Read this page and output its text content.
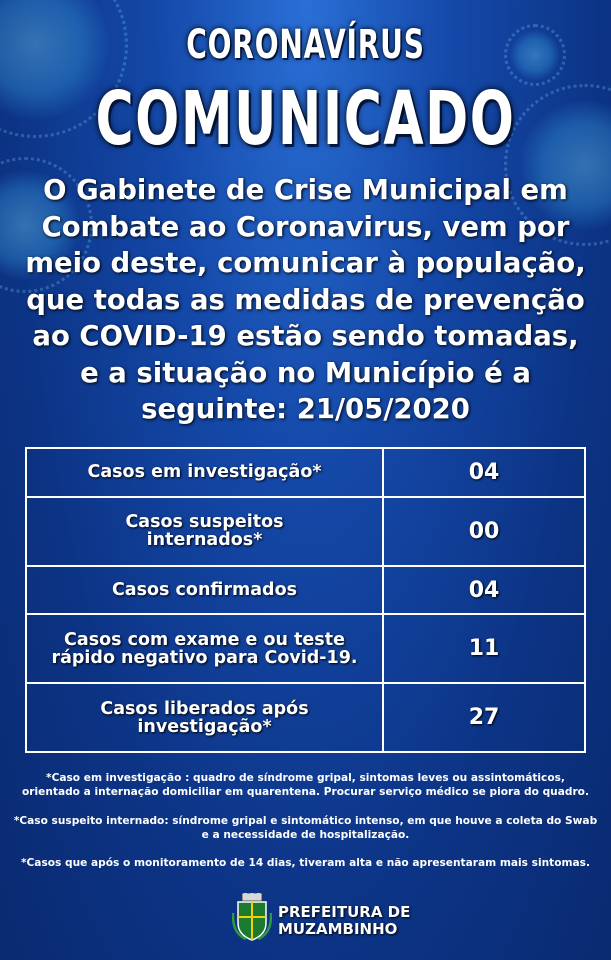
CORONAVÍRUS
COMUNICADO
O Gabinete de Crise Municipal em
Combate ao Coronavirus, vem por
meio deste, comunicar à população,
que todas as medidas de prevenção
ao COVID-19 estão sendo tomadas,
e a situação no Município é a
seguinte: 21/05/2020
Casos em investigação*	04
Casos suspeitos internados*	00
Casos confirmados	04
Casos com exame e ou teste rápido negativo para Covid-19.	11
Casos liberados após investigação*	27
*Caso em investigação : quadro de síndrome gripal, sintomas leves ou assintomáticos,
orientado a internação domiciliar em quarentena. Procurar serviço médico se piora do quadro.
*Caso suspeito internado: síndrome gripal e sintomático intenso, em que houve a coleta do Swab
e a necessidade de hospitalização.
*Casos que após o monitoramento de 14 dias, tiveram alta e não apresentaram mais sintomas.
PREFEITURA DE
MUZAMBINHO
